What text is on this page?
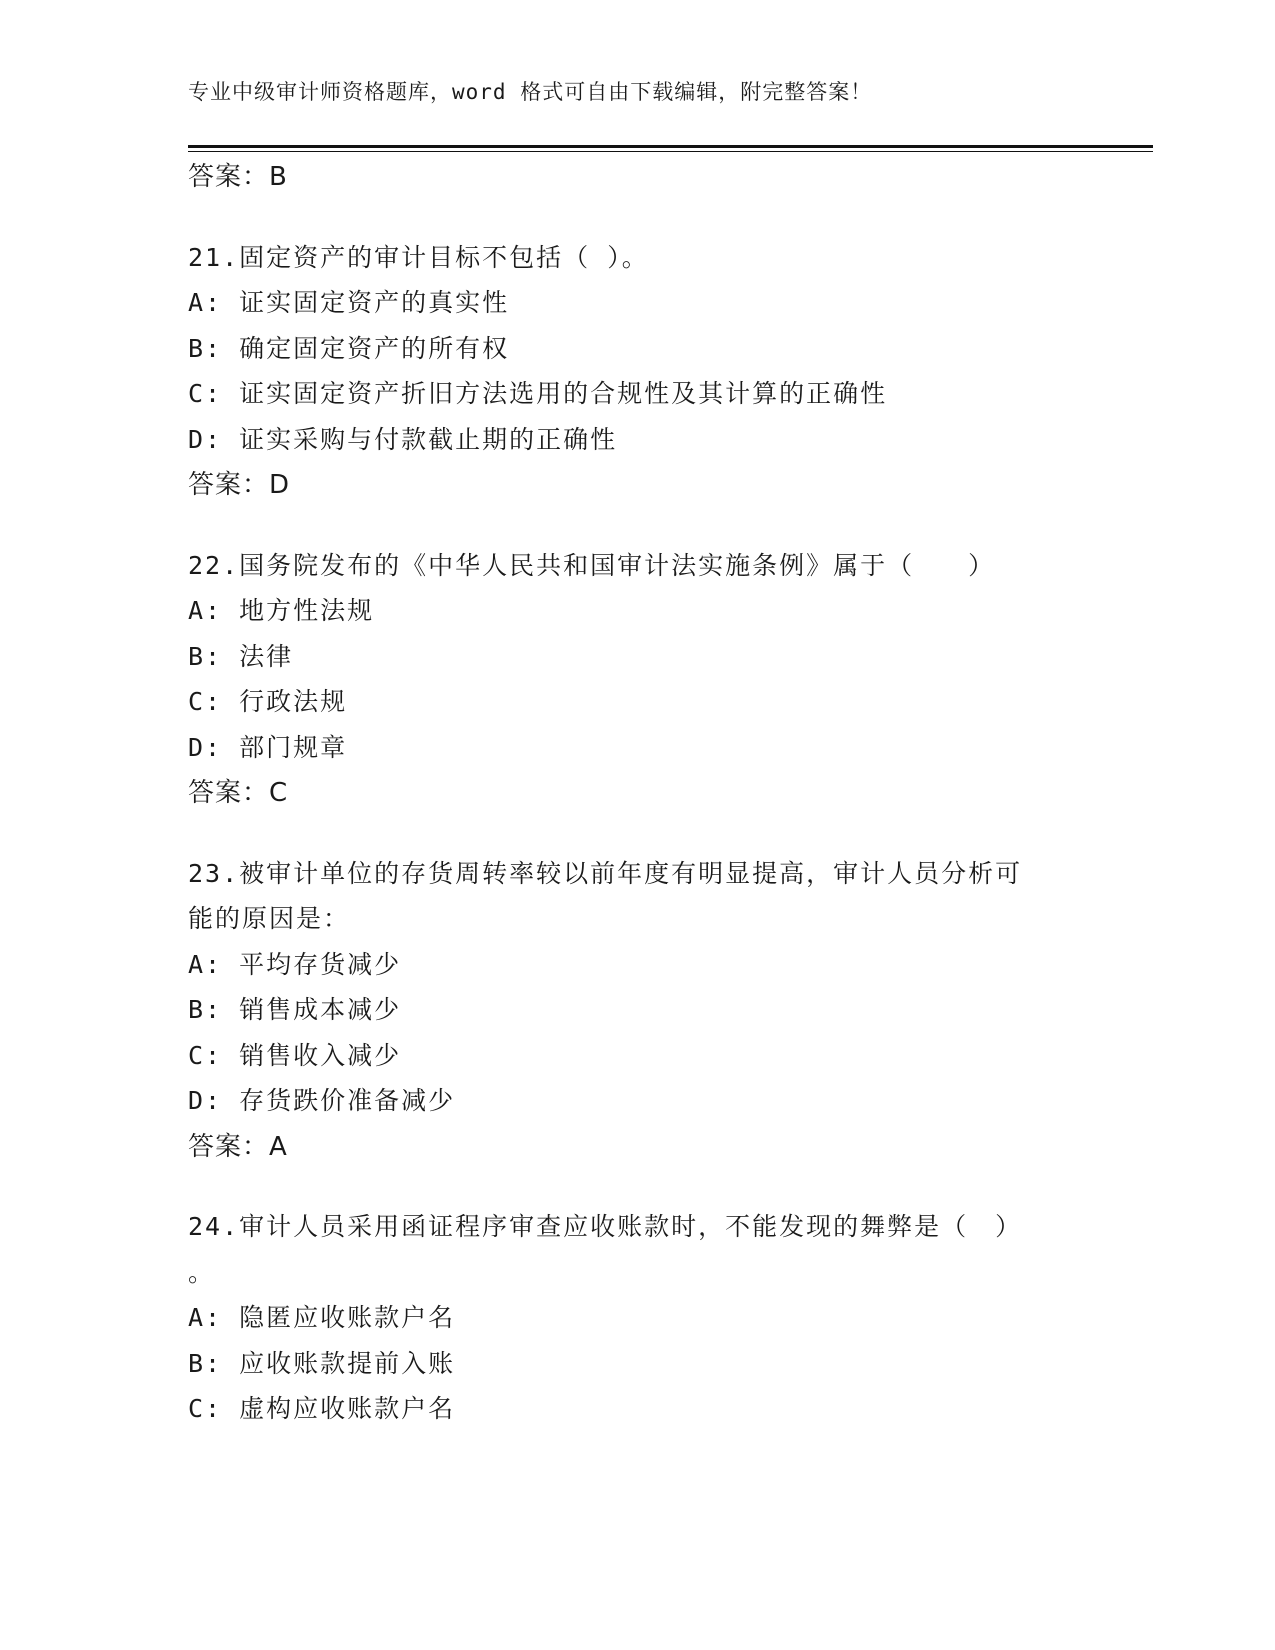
专业中级审计师资格题库，word 格式可自由下载编辑，附完整答案！
答案：B
21.固定资产的审计目标不包括（ ）。
A: 证实固定资产的真实性
B: 确定固定资产的所有权
C: 证实固定资产折旧方法选用的合规性及其计算的正确性
D: 证实采购与付款截止期的正确性
答案：D
22.国务院发布的《中华人民共和国审计法实施条例》属于（　　）
A: 地方性法规
B: 法律
C: 行政法规
D: 部门规章
答案：C
23.被审计单位的存货周转率较以前年度有明显提高，审计人员分析可
能的原因是：
A: 平均存货减少
B: 销售成本减少
C: 销售收入减少
D: 存货跌价准备减少
答案：A
24.审计人员采用函证程序审查应收账款时，不能发现的舞弊是（　）
。
A: 隐匿应收账款户名
B: 应收账款提前入账
C: 虚构应收账款户名
